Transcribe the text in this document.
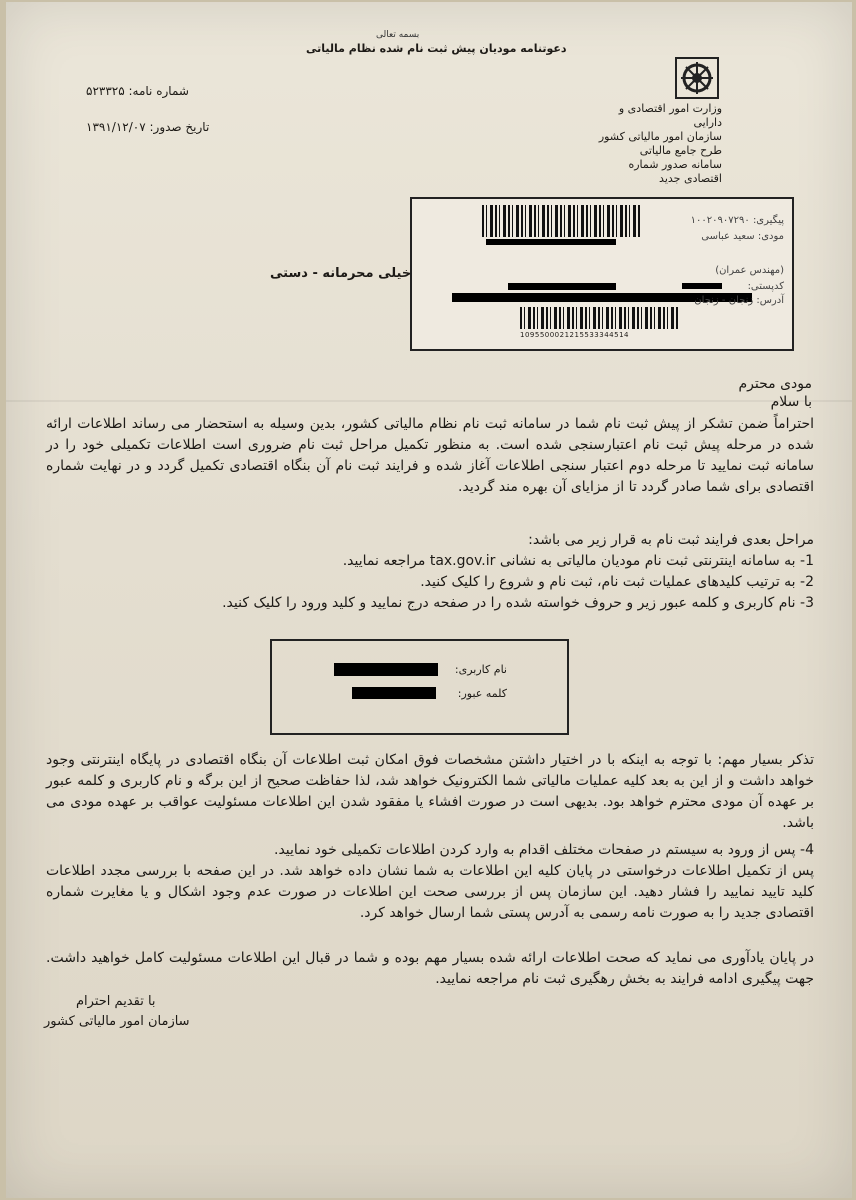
بسمه تعالی
دعوتنامه مودیان پیش ثبت نام شده نظام مالیاتی
شماره نامه: ۵۲۳۳۲۵
تاریخ صدور: ۱۳۹۱/۱۲/۰۷
وزارت امور اقتصادی و دارایی
سازمان امور مالیاتی کشور
طرح جامع مالیاتی
سامانه صدور شماره اقتصادی جدید
پیگیری: ۱۰۰۲۰۹۰۷۲۹۰
مودی: سعید عباسی
(مهندس عمران)
کدپستی:
آدرس: زنجان - زنجان
1095500021215533344514
خیلی محرمانه - دستی
مودی محترم
با سلام
احتراماً ضمن تشکر از پیش ثبت نام شما در سامانه ثبت نام نظام مالیاتی کشور، بدین وسیله به استحضار می رساند اطلاعات ارائه شده در مرحله پیش ثبت نام اعتبارسنجی شده است. به منظور تکمیل مراحل ثبت نام ضروری است اطلاعات تکمیلی خود را در سامانه ثبت نمایید تا مرحله دوم اعتبار سنجی اطلاعات آغاز شده و فرایند ثبت نام آن بنگاه اقتصادی تکمیل گردد و در نهایت شماره اقتصادی برای شما صادر گردد تا از مزایای آن بهره مند گردید.
مراحل بعدی فرایند ثبت نام به قرار زیر می باشد:
1- به سامانه اینترنتی ثبت نام مودیان مالیاتی به نشانی tax.gov.ir مراجعه نمایید.
2- به ترتیب کلیدهای عملیات ثبت نام، ثبت نام و شروع را کلیک کنید.
3- نام کاربری و کلمه عبور زیر و حروف خواسته شده را در صفحه درج نمایید و کلید ورود را کلیک کنید.
نام کاربری:
کلمه عبور:
تذکر بسیار مهم: با توجه به اینکه با در اختیار داشتن مشخصات فوق امکان ثبت اطلاعات آن بنگاه اقتصادی در پایگاه اینترنتی وجود خواهد داشت و از این به بعد کلیه عملیات مالیاتی شما الکترونیک خواهد شد، لذا حفاظت صحیح از این برگه و نام کاربری و کلمه عبور بر عهده آن مودی محترم خواهد بود. بدیهی است در صورت افشاء یا مفقود شدن این اطلاعات مسئولیت عواقب بر عهده مودی می باشد.
4- پس از ورود به سیستم در صفحات مختلف اقدام به وارد کردن اطلاعات تکمیلی خود نمایید.
پس از تکمیل اطلاعات درخواستی در پایان کلیه این اطلاعات به شما نشان داده خواهد شد. در این صفحه با بررسی مجدد اطلاعات کلید تایید نمایید را فشار دهید. این سازمان پس از بررسی صحت این اطلاعات در صورت عدم وجود اشکال و یا مغایرت شماره اقتصادی جدید را به صورت نامه رسمی به آدرس پستی شما ارسال خواهد کرد.
در پایان یادآوری می نماید که صحت اطلاعات ارائه شده بسیار مهم بوده و شما در قبال این اطلاعات مسئولیت کامل خواهید داشت. جهت پیگیری ادامه فرایند به بخش رهگیری ثبت نام مراجعه نمایید.
با تقدیم احترام
سازمان امور مالیاتی کشور
